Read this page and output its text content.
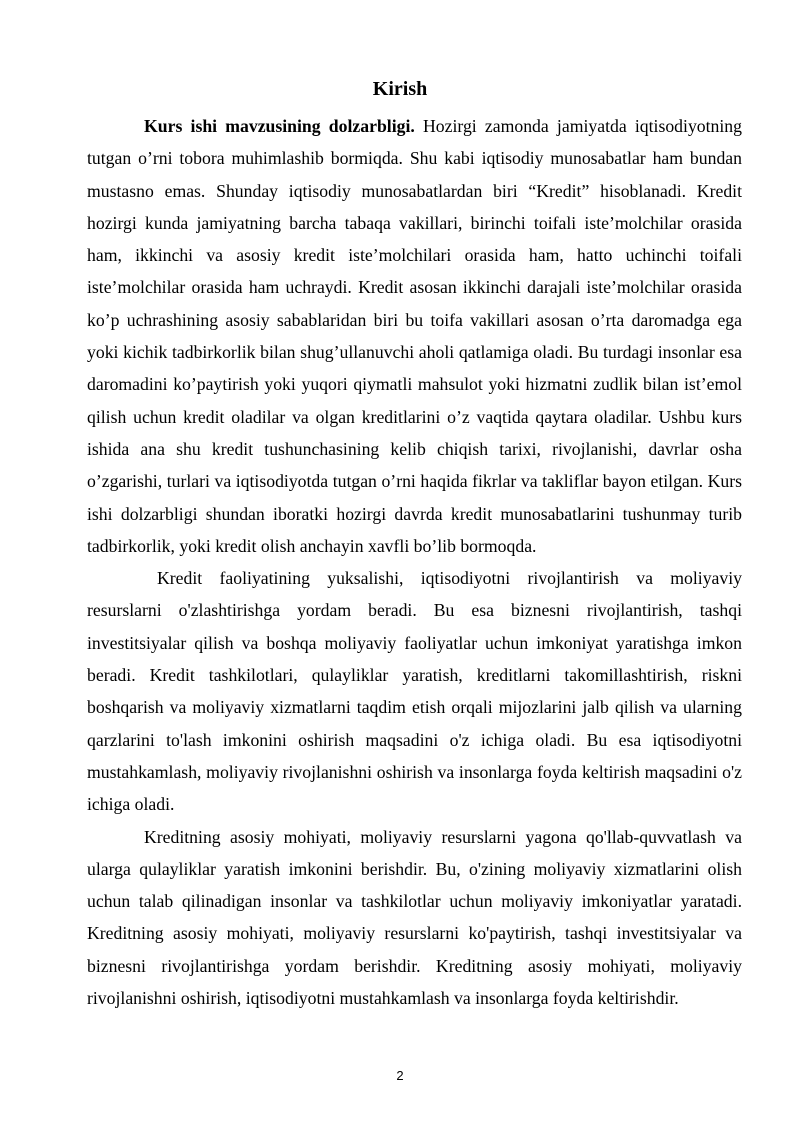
Kirish

Kurs ishi mavzusining dolzarbligi. Hozirgi zamonda jamiyatda iqtisodiyotning tutgan o’rni tobora muhimlashib bormiqda. Shu kabi iqtisodiy munosabatlar ham bundan mustasno emas. Shunday iqtisodiy munosabatlardan biri “Kredit” hisoblanadi. Kredit hozirgi kunda jamiyatning barcha tabaqa vakillari, birinchi toifali iste’molchilar orasida ham, ikkinchi va asosiy kredit iste’molchilari orasida ham, hatto uchinchi toifali iste’molchilar orasida ham uchraydi. Kredit asosan ikkinchi darajali iste’molchilar orasida ko’p uchrashining asosiy sabablaridan biri bu toifa vakillari asosan o’rta daromadga ega yoki kichik tadbirkorlik bilan shug’ullanuvchi aholi qatlamiga oladi. Bu turdagi insonlar esa daromadini ko’paytirish yoki yuqori qiymatli mahsulot yoki hizmatni zudlik bilan ist’emol qilish uchun kredit oladilar va olgan kreditlarini o’z vaqtida qaytara oladilar. Ushbu kurs ishida ana shu kredit tushunchasining kelib chiqish tarixi, rivojlanishi, davrlar osha o’zgarishi, turlari va iqtisodiyotda tutgan o’rni haqida fikrlar va takliflar bayon etilgan. Kurs ishi dolzarbligi shundan iboratki hozirgi davrda kredit munosabatlarini tushunmay turib tadbirkorlik, yoki kredit olish anchayin xavfli bo’lib bormoqda.

Kredit faoliyatining yuksalishi, iqtisodiyotni rivojlantirish va moliyaviy resurslarni o'zlashtirishga yordam beradi. Bu esa biznesni rivojlantirish, tashqi investitsiyalar qilish va boshqa moliyaviy faoliyatlar uchun imkoniyat yaratishga imkon beradi. Kredit tashkilotlari, qulayliklar yaratish, kreditlarni takomillashtirish, riskni boshqarish va moliyaviy xizmatlarni taqdim etish orqali mijozlarini jalb qilish va ularning qarzlarini to'lash imkonini oshirish maqsadini o'z ichiga oladi. Bu esa iqtisodiyotni mustahkamlash, moliyaviy rivojlanishni oshirish va insonlarga foyda keltirish maqsadini o'z ichiga oladi.

Kreditning asosiy mohiyati, moliyaviy resurslarni yagona qo'llab-quvvatlash va ularga qulayliklar yaratish imkonini berishdir. Bu, o'zining moliyaviy xizmatlarini olish uchun talab qilinadigan insonlar va tashkilotlar uchun moliyaviy imkoniyatlar yaratadi. Kreditning asosiy mohiyati, moliyaviy resurslarni ko'paytirish, tashqi investitsiyalar va biznesni rivojlantirishga yordam berishdir. Kreditning asosiy mohiyati, moliyaviy rivojlanishni oshirish, iqtisodiyotni mustahkamlash va insonlarga foyda keltirishdir.

2
